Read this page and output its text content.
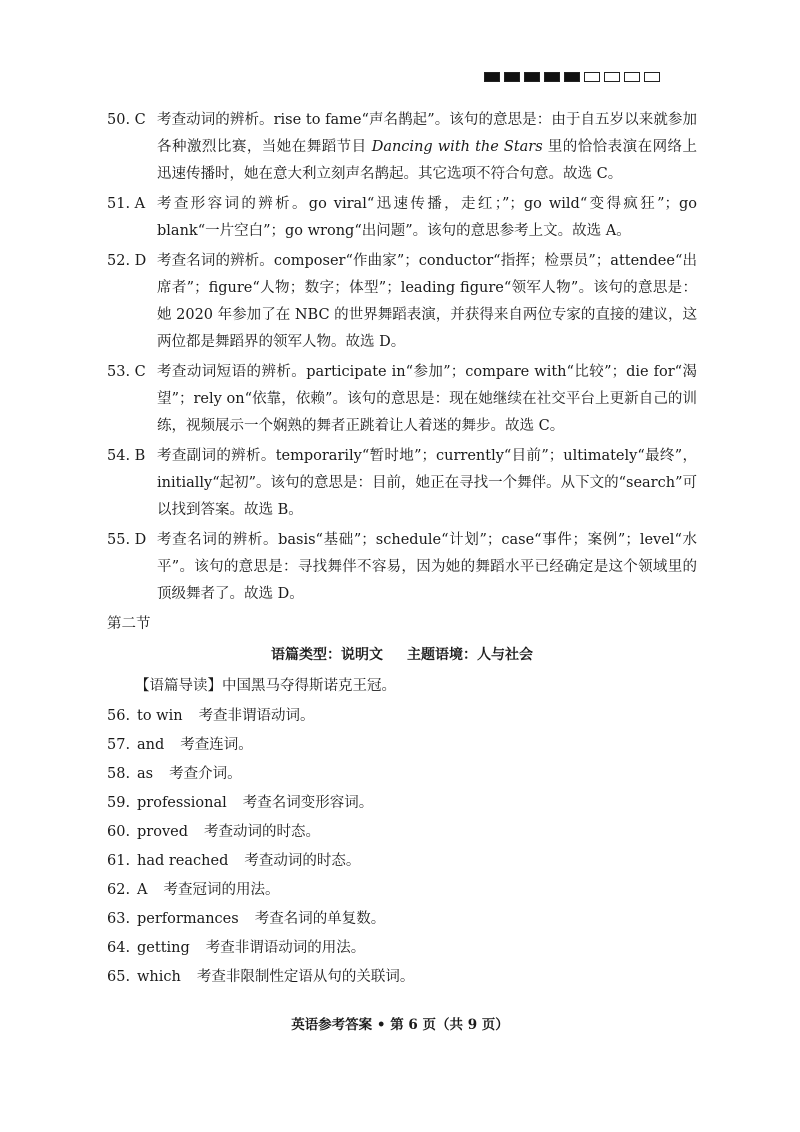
50. C 考查动词的辨析。rise to fame“声名鹊起”。该句的意思是：由于自五岁以来就参加各种激烈比赛，当她在舞蹈节目 Dancing with the Stars 里的恰恰表演在网络上迅速传播时，她在意大利立刻声名鹊起。其它选项不符合句意。故选 C。
51. A 考查形容词的辨析。go viral“迅速传播，走红；”；go wild“变得疯狂”；go blank“一片空白”；go wrong“出问题”。该句的意思参考上文。故选 A。
52. D 考查名词的辨析。composer“作曲家”；conductor“指挥；检票员”；attendee“出席者”；figure“人物；数字；体型”；leading figure“领军人物”。该句的意思是：她 2020 年参加了在 NBC 的世界舞蹈表演，并获得来自两位专家的直接的建议，这两位都是舞蹈界的领军人物。故选 D。
53. C 考查动词短语的辨析。participate in“参加”；compare with“比较”；die for“渴望”；rely on“依靠，依赖”。该句的意思是：现在她继续在社交平台上更新自己的训练，视频展示一个娴熟的舞者正跳着让人着迷的舞步。故选 C。
54. B 考查副词的辨析。temporarily“暂时地”；currently“目前”；ultimately“最终”，initially“起初”。该句的意思是：目前，她正在寻找一个舞伴。从下文的“search”可以找到答案。故选 B。
55. D 考查名词的辨析。basis“基础”；schedule“计划”；case“事件；案例”；level“水平”。该句的意思是：寻找舞伴不容易，因为她的舞蹈水平已经确定是这个领域里的顶级舞者了。故选 D。
第二节
语篇类型：说明文 主题语境：人与社会
【语篇导读】中国黑马夺得斯诺克王冠。
56. to win 考查非谓语动词。
57. and 考查连词。
58. as 考查介词。
59. professional 考查名词变形容词。
60. proved 考查动词的时态。
61. had reached 考查动词的时态。
62. A 考查冠词的用法。
63. performances 考查名词的单复数。
64. getting 考查非谓语动词的用法。
65. which 考查非限制性定语从句的关联词。
英语参考答案 • 第 6 页（共 9 页）
